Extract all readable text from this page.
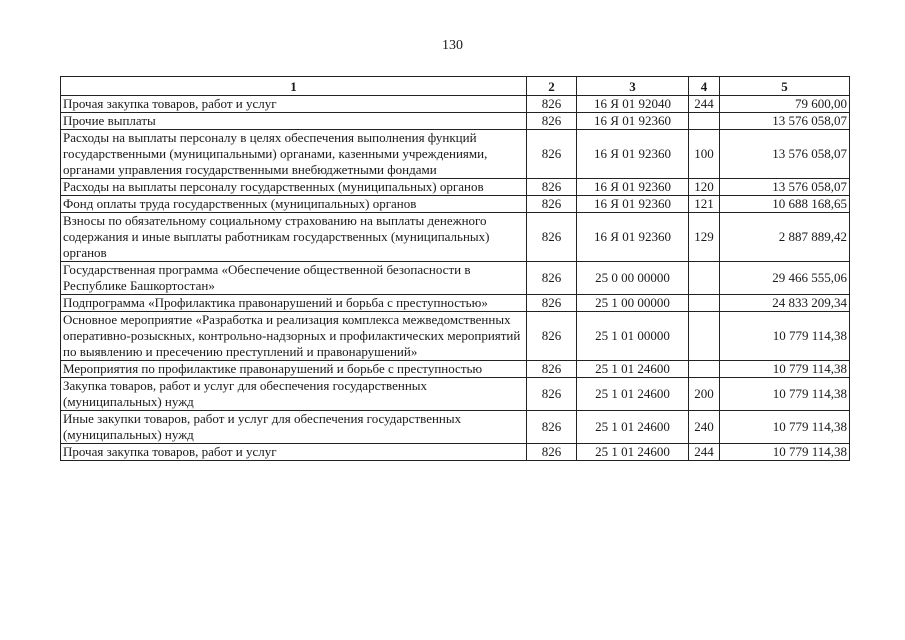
130
1	2	3	4	5
Прочая закупка товаров, работ и услуг	826	16 Я 01 92040	244	79 600,00
Прочие выплаты	826	16 Я 01 92360		13 576 058,07
Расходы на выплаты персоналу в целях обеспечения выполнения функций государственными (муниципальными) органами, казенными учреждениями, органами управления государственными внебюджетными фондами	826	16 Я 01 92360	100	13 576 058,07
Расходы на выплаты персоналу государственных (муниципальных) органов	826	16 Я 01 92360	120	13 576 058,07
Фонд оплаты труда государственных (муниципальных) органов	826	16 Я 01 92360	121	10 688 168,65
Взносы по обязательному социальному страхованию на выплаты денежного содержания и иные выплаты работникам государственных (муниципальных) органов	826	16 Я 01 92360	129	2 887 889,42
Государственная программа «Обеспечение общественной безопасности в Республике Башкортостан»	826	25 0 00 00000		29 466 555,06
Подпрограмма «Профилактика правонарушений и борьба с преступностью»	826	25 1 00 00000		24 833 209,34
Основное мероприятие «Разработка и реализация комплекса межведомственных оперативно-розыскных, контрольно-надзорных и профилактических мероприятий по выявлению и пресечению преступлений и правонарушений»	826	25 1 01 00000		10 779 114,38
Мероприятия по профилактике правонарушений и борьбе с преступностью	826	25 1 01 24600		10 779 114,38
Закупка товаров, работ и услуг для обеспечения государственных (муниципальных) нужд	826	25 1 01 24600	200	10 779 114,38
Иные закупки товаров, работ и услуг для обеспечения государственных (муниципальных) нужд	826	25 1 01 24600	240	10 779 114,38
Прочая закупка товаров, работ и услуг	826	25 1 01 24600	244	10 779 114,38
